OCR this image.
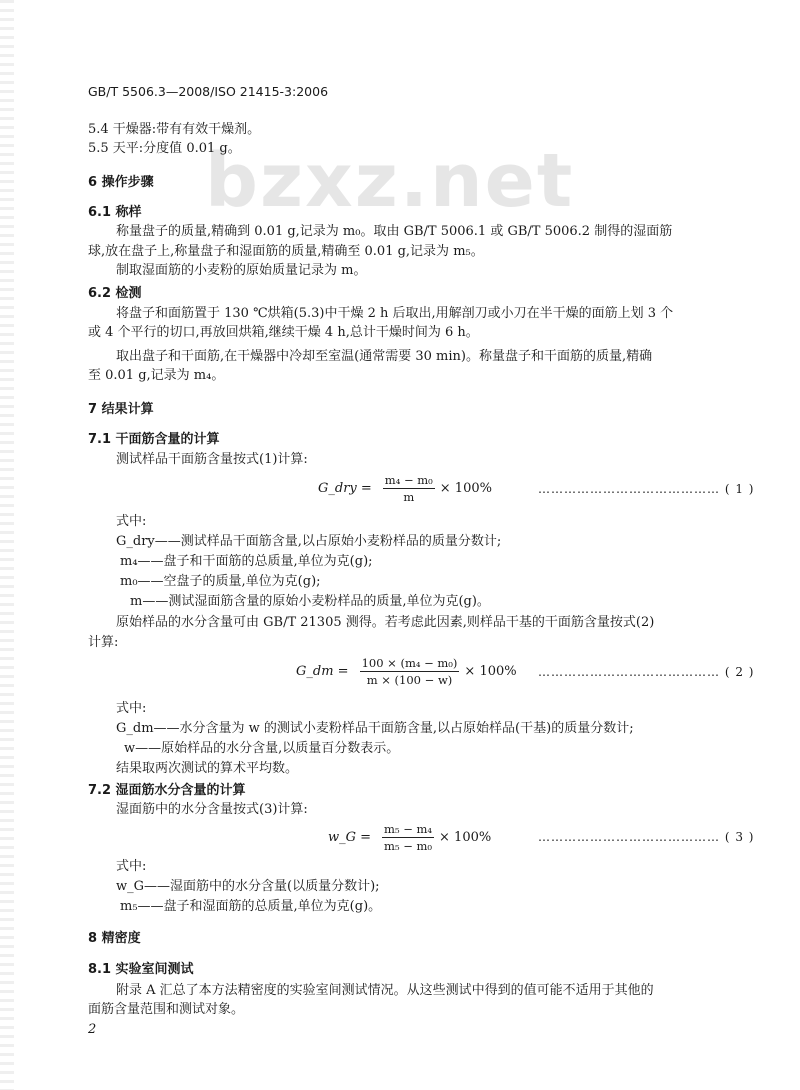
bzxz.net
GB/T 5506.3—2008/ISO 21415-3:2006
5.4 干燥器:带有有效干燥剂。
5.5 天平:分度值 0.01 g。
6 操作步骤
6.1 称样
称量盘子的质量,精确到 0.01 g,记录为 m₀。取由 GB/T 5006.1 或 GB/T 5006.2 制得的湿面筋
球,放在盘子上,称量盘子和湿面筋的质量,精确至 0.01 g,记录为 m₅。
制取湿面筋的小麦粉的原始质量记录为 m。
6.2 检测
将盘子和面筋置于 130 ℃烘箱(5.3)中干燥 2 h 后取出,用解剖刀或小刀在半干燥的面筋上划 3 个
或 4 个平行的切口,再放回烘箱,继续干燥 4 h,总计干燥时间为 6 h。
取出盘子和干面筋,在干燥器中冷却至室温(通常需要 30 min)。称量盘子和干面筋的质量,精确
至 0.01 g,记录为 m₄。
7 结果计算
7.1 干面筋含量的计算
测试样品干面筋含量按式(1)计算:
G_dry = $\frac{\text{m₄ − m₀}}{m} \times 100\%$	…………………………………… ( 1 )
式中:
G_dry——测试样品干面筋含量,以占原始小麦粉样品的质量分数计;
m₄——盘子和干面筋的总质量,单位为克(g);
m₀——空盘子的质量,单位为克(g);
m——测试湿面筋含量的原始小麦粉样品的质量,单位为克(g)。
原始样品的水分含量可由 GB/T 21305 测得。若考虑此因素,则样品干基的干面筋含量按式(2)
计算:
G_dm = $\frac{\text{100 × (m₄ − m₀)}}{m \times (100 - w)} \times 100\%$ …………………………………… ( 2 )
式中:
G_dm——水分含量为 w 的测试小麦粉样品干面筋含量,以占原始样品(干基)的质量分数计;
w——原始样品的水分含量,以质量百分数表示。
结果取两次测试的算术平均数。
7.2 湿面筋水分含量的计算
湿面筋中的水分含量按式(3)计算:
w_G = $\frac{\text{m₅ − m₄}}{\text{m₅ − m₀}} \times 100\%$	…………………………………… ( 3 )
式中:
w_G——湿面筋中的水分含量(以质量分数计);
m₅——盘子和湿面筋的总质量,单位为克(g)。
8 精密度
8.1 实验室间测试
附录 A 汇总了本方法精密度的实验室间测试情况。从这些测试中得到的值可能不适用于其他的
面筋含量范围和测试对象。
2
